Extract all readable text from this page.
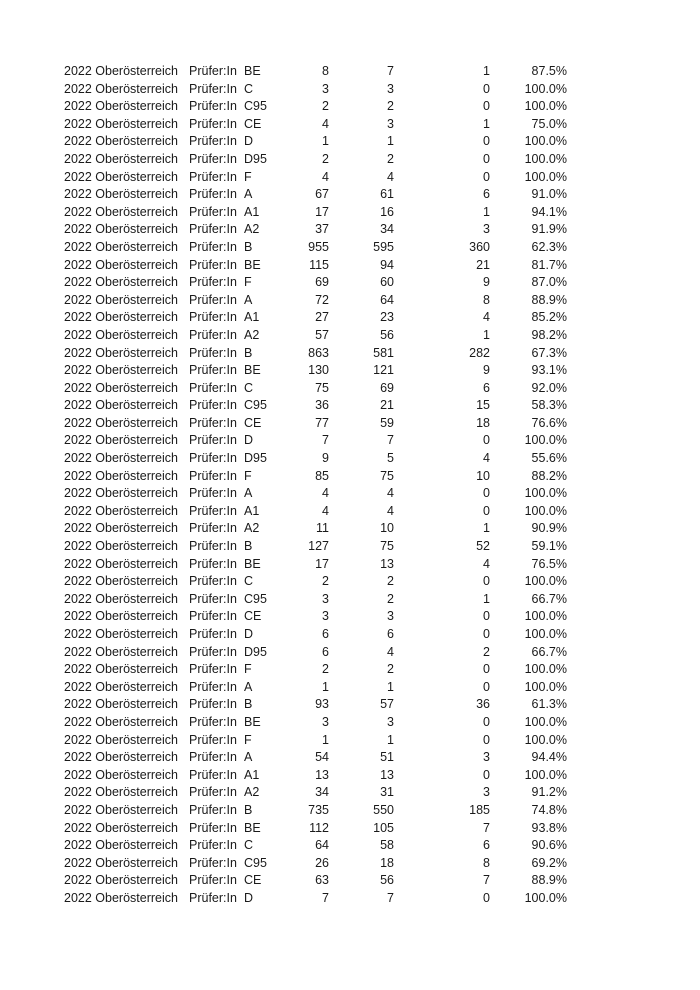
2022 Oberösterreich Prüfer:In BE	8	7	1	87.5%
2022 Oberösterreich Prüfer:In C	3	3	0	100.0%
2022 Oberösterreich Prüfer:In C95	2	2	0	100.0%
2022 Oberösterreich Prüfer:In CE	4	3	1	75.0%
2022 Oberösterreich Prüfer:In D	1	1	0	100.0%
2022 Oberösterreich Prüfer:In D95	2	2	0	100.0%
2022 Oberösterreich Prüfer:In F	4	4	0	100.0%
2022 Oberösterreich Prüfer:In A	67	61	6	91.0%
2022 Oberösterreich Prüfer:In A1	17	16	1	94.1%
2022 Oberösterreich Prüfer:In A2	37	34	3	91.9%
2022 Oberösterreich Prüfer:In B	955	595	360	62.3%
2022 Oberösterreich Prüfer:In BE	115	94	21	81.7%
2022 Oberösterreich Prüfer:In F	69	60	9	87.0%
2022 Oberösterreich Prüfer:In A	72	64	8	88.9%
2022 Oberösterreich Prüfer:In A1	27	23	4	85.2%
2022 Oberösterreich Prüfer:In A2	57	56	1	98.2%
2022 Oberösterreich Prüfer:In B	863	581	282	67.3%
2022 Oberösterreich Prüfer:In BE	130	121	9	93.1%
2022 Oberösterreich Prüfer:In C	75	69	6	92.0%
2022 Oberösterreich Prüfer:In C95	36	21	15	58.3%
2022 Oberösterreich Prüfer:In CE	77	59	18	76.6%
2022 Oberösterreich Prüfer:In D	7	7	0	100.0%
2022 Oberösterreich Prüfer:In D95	9	5	4	55.6%
2022 Oberösterreich Prüfer:In F	85	75	10	88.2%
2022 Oberösterreich Prüfer:In A	4	4	0	100.0%
2022 Oberösterreich Prüfer:In A1	4	4	0	100.0%
2022 Oberösterreich Prüfer:In A2	11	10	1	90.9%
2022 Oberösterreich Prüfer:In B	127	75	52	59.1%
2022 Oberösterreich Prüfer:In BE	17	13	4	76.5%
2022 Oberösterreich Prüfer:In C	2	2	0	100.0%
2022 Oberösterreich Prüfer:In C95	3	2	1	66.7%
2022 Oberösterreich Prüfer:In CE	3	3	0	100.0%
2022 Oberösterreich Prüfer:In D	6	6	0	100.0%
2022 Oberösterreich Prüfer:In D95	6	4	2	66.7%
2022 Oberösterreich Prüfer:In F	2	2	0	100.0%
2022 Oberösterreich Prüfer:In A	1	1	0	100.0%
2022 Oberösterreich Prüfer:In B	93	57	36	61.3%
2022 Oberösterreich Prüfer:In BE	3	3	0	100.0%
2022 Oberösterreich Prüfer:In F	1	1	0	100.0%
2022 Oberösterreich Prüfer:In A	54	51	3	94.4%
2022 Oberösterreich Prüfer:In A1	13	13	0	100.0%
2022 Oberösterreich Prüfer:In A2	34	31	3	91.2%
2022 Oberösterreich Prüfer:In B	735	550	185	74.8%
2022 Oberösterreich Prüfer:In BE	112	105	7	93.8%
2022 Oberösterreich Prüfer:In C	64	58	6	90.6%
2022 Oberösterreich Prüfer:In C95	26	18	8	69.2%
2022 Oberösterreich Prüfer:In CE	63	56	7	88.9%
2022 Oberösterreich Prüfer:In D	7	7	0	100.0%
